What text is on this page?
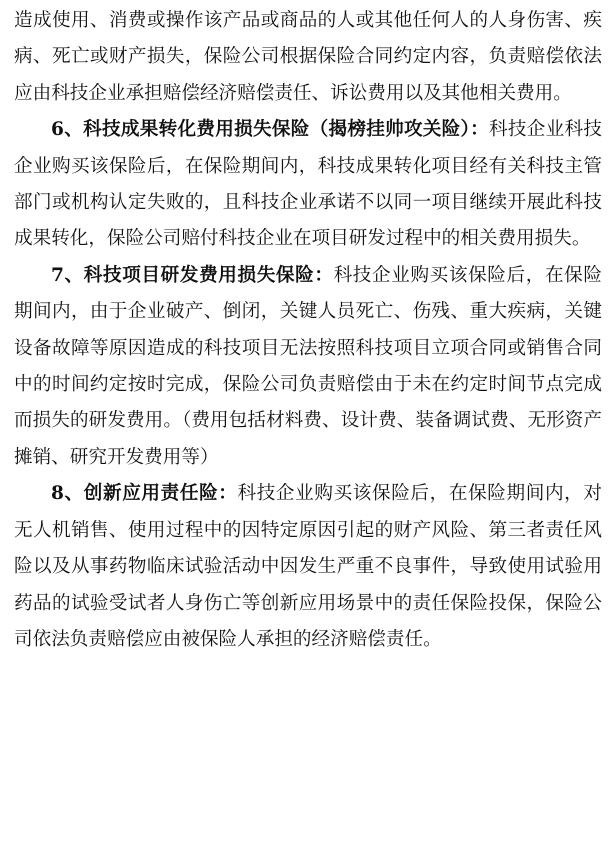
造成使用、消费或操作该产品或商品的人或其他任何人的人身伤害、疾病、死亡或财产损失，保险公司根据保险合同约定内容，负责赔偿依法应由科技企业承担赔偿经济赔偿责任、诉讼费用以及其他相关费用。

6、科技成果转化费用损失保险（揭榜挂帅攻关险）：科技企业科技企业购买该保险后，在保险期间内，科技成果转化项目经有关科技主管部门或机构认定失败的，且科技企业承诺不以同一项目继续开展此科技成果转化，保险公司赔付科技企业在项目研发过程中的相关费用损失。

7、科技项目研发费用损失保险：科技企业购买该保险后，在保险期间内，由于企业破产、倒闭，关键人员死亡、伤残、重大疾病，关键设备故障等原因造成的科技项目无法按照科技项目立项合同或销售合同中的时间约定按时完成，保险公司负责赔偿由于未在约定时间节点完成而损失的研发费用。（费用包括材料费、设计费、装备调试费、无形资产摊销、研究开发费用等）

8、创新应用责任险：科技企业购买该保险后，在保险期间内，对无人机销售、使用过程中的因特定原因引起的财产风险、第三者责任风险以及从事药物临床试验活动中因发生严重不良事件，导致使用试验用药品的试验受试者人身伤亡等创新应用场景中的责任保险投保，保险公司依法负责赔偿应由被保险人承担的经济赔偿责任。
